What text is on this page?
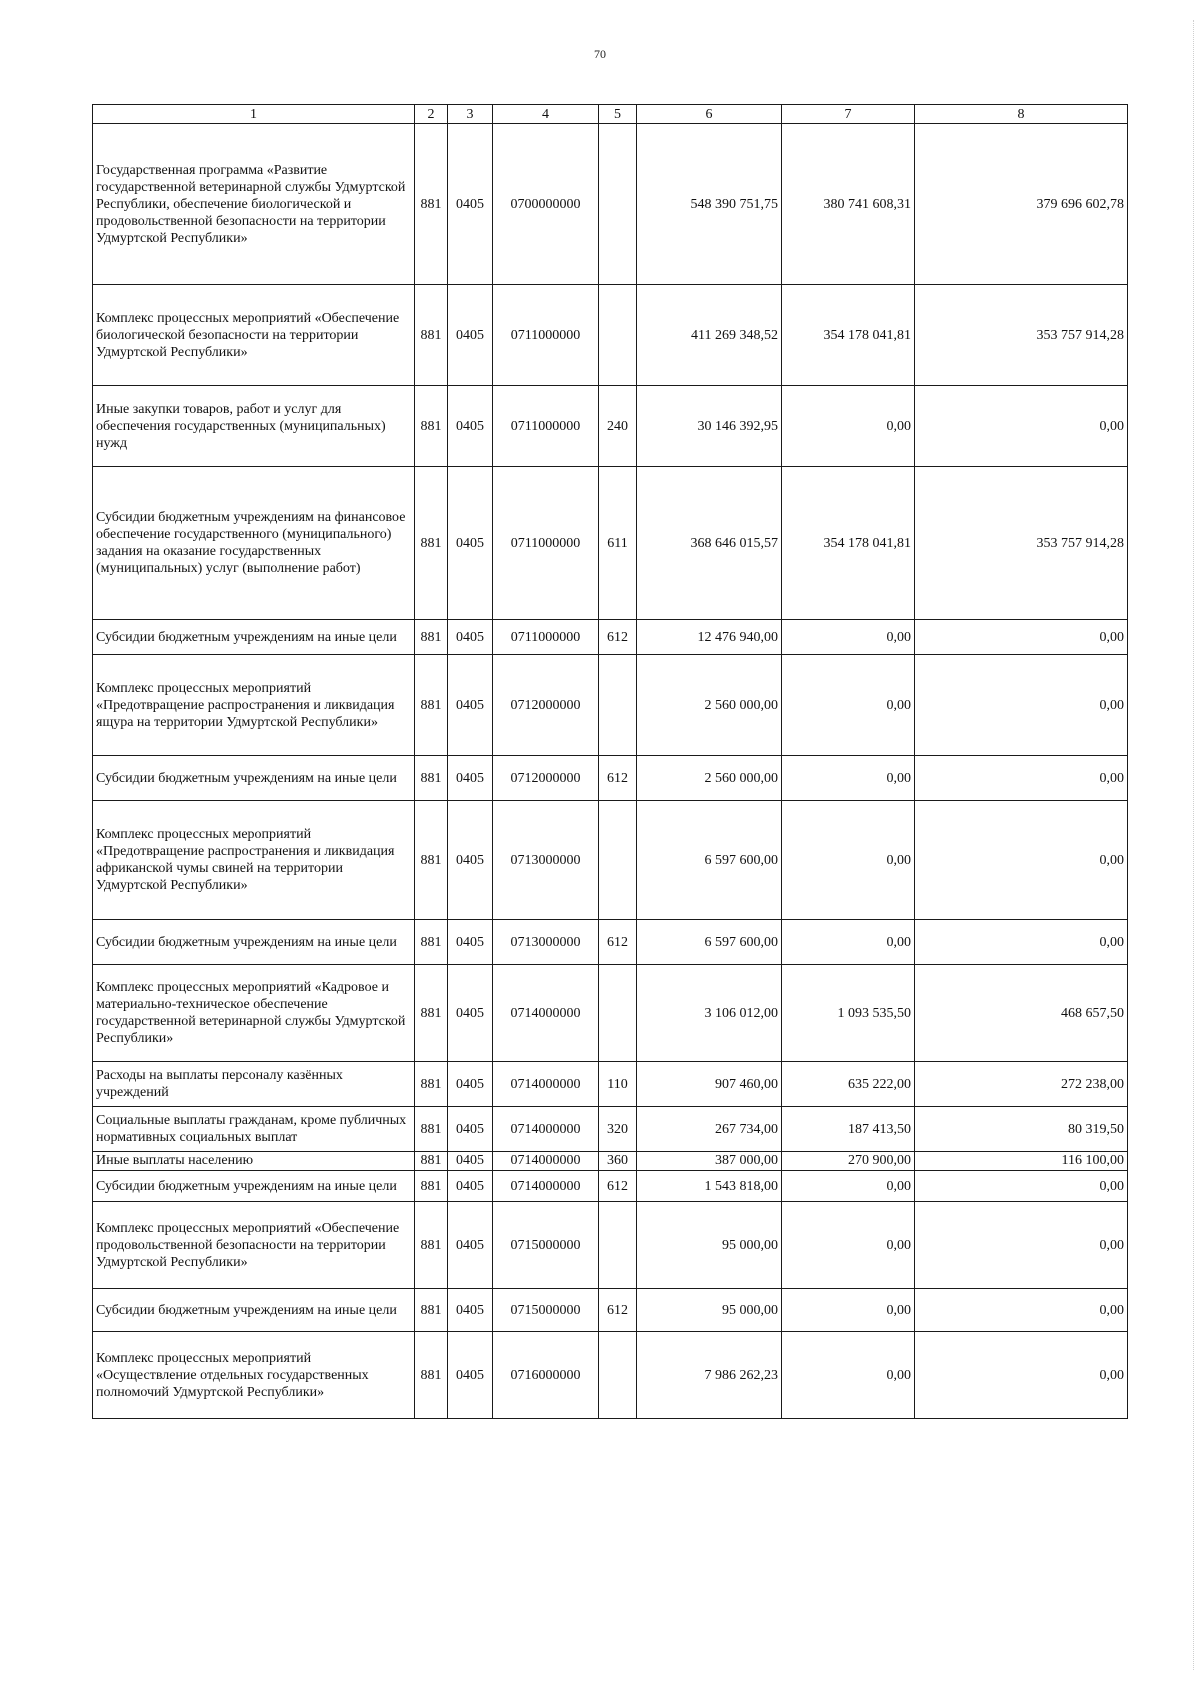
70
1	2	3	4	5	6	7	8
Государственная программа «Развитие государственной ветеринарной службы Удмуртской Республики, обеспечение биологической и продовольственной безопасности на территории Удмуртской Республики»	881	0405	0700000000		548 390 751,75	380 741 608,31	379 696 602,78
Комплекс процессных мероприятий «Обеспечение биологической безопасности на территории Удмуртской Республики»	881	0405	0711000000		411 269 348,52	354 178 041,81	353 757 914,28
Иные закупки товаров, работ и услуг для обеспечения государственных (муниципальных) нужд	881	0405	0711000000	240	30 146 392,95	0,00	0,00
Субсидии бюджетным учреждениям на финансовое обеспечение государственного (муниципального) задания на оказание государственных (муниципальных) услуг (выполнение работ)	881	0405	0711000000	611	368 646 015,57	354 178 041,81	353 757 914,28
Субсидии бюджетным учреждениям на иные цели	881	0405	0711000000	612	12 476 940,00	0,00	0,00
Комплекс процессных мероприятий «Предотвращение распространения и ликвидация ящура на территории Удмуртской Республики»	881	0405	0712000000		2 560 000,00	0,00	0,00
Субсидии бюджетным учреждениям на иные цели	881	0405	0712000000	612	2 560 000,00	0,00	0,00
Комплекс процессных мероприятий «Предотвращение распространения и ликвидация африканской чумы свиней на территории Удмуртской Республики»	881	0405	0713000000		6 597 600,00	0,00	0,00
Субсидии бюджетным учреждениям на иные цели	881	0405	0713000000	612	6 597 600,00	0,00	0,00
Комплекс процессных мероприятий «Кадровое и материально-техническое обеспечение государственной ветеринарной службы Удмуртской Республики»	881	0405	0714000000		3 106 012,00	1 093 535,50	468 657,50
Расходы на выплаты персоналу казённых учреждений	881	0405	0714000000	110	907 460,00	635 222,00	272 238,00
Социальные выплаты гражданам, кроме публичных нормативных социальных выплат	881	0405	0714000000	320	267 734,00	187 413,50	80 319,50
Иные выплаты населению	881	0405	0714000000	360	387 000,00	270 900,00	116 100,00
Субсидии бюджетным учреждениям на иные цели	881	0405	0714000000	612	1 543 818,00	0,00	0,00
Комплекс процессных мероприятий «Обеспечение продовольственной безопасности на территории Удмуртской Республики»	881	0405	0715000000		95 000,00	0,00	0,00
Субсидии бюджетным учреждениям на иные цели	881	0405	0715000000	612	95 000,00	0,00	0,00
Комплекс процессных мероприятий «Осуществление отдельных государственных полномочий Удмуртской Республики»	881	0405	0716000000		7 986 262,23	0,00	0,00
